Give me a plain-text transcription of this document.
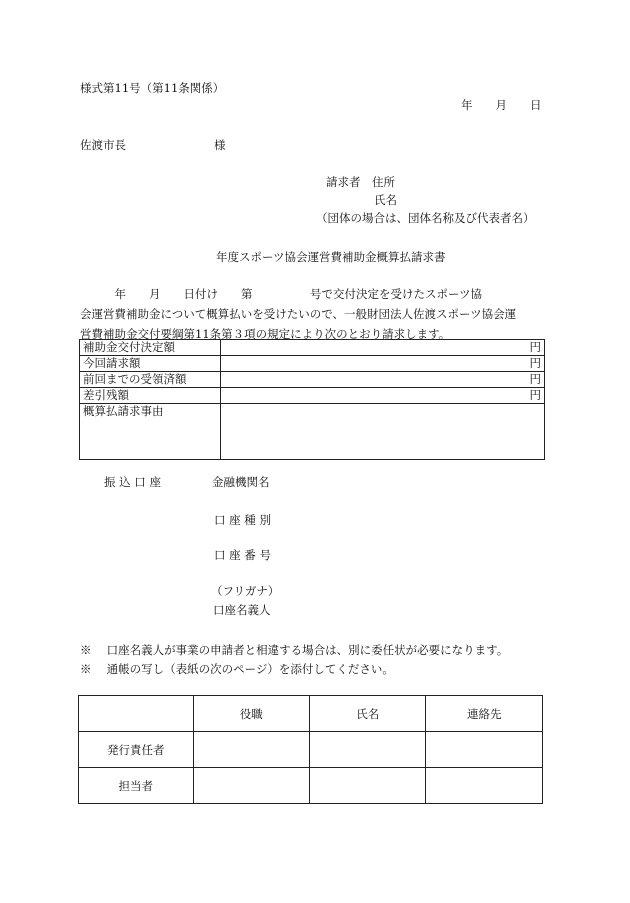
様式第11号（第11条関係）
年　　月　　日
佐渡市長	様
請求者　住所
氏名
（団体の場合は、団体名称及び代表者名）
年度スポーツ協会運営費補助金概算払請求書
　　　年　　月　　日付け　　第　　　　　号で交付決定を受けたスポーツ協
会運営費補助金について概算払いを受けたいので、一般財団法人佐渡スポーツ協会運
営費補助金交付要綱第11条第３項の規定により次のとおり請求します。
補助金交付決定額	円
今回請求額	円
前回までの受領済額	円
差引残額	円
概算払請求事由	
振 込 口 座	金融機関名
口 座 種 別
口 座 番 号
（フリガナ）
口座名義人
※　 口座名義人が事業の申請者と相違する場合は、別に委任状が必要になります。
※　 通帳の写し（表紙の次のページ）を添付してください。
	役職	氏名	連絡先
発行責任者			
担当者			
